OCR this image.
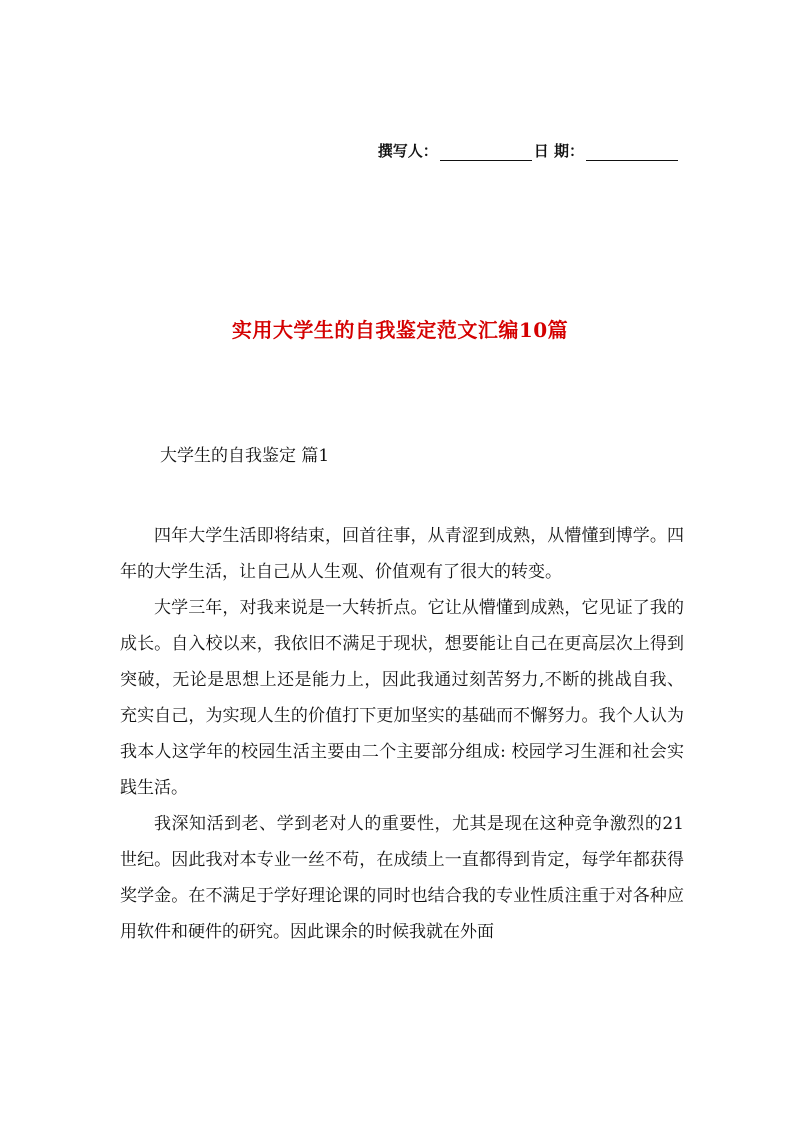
撰写人：	日 期：
实用大学生的自我鉴定范文汇编10篇
大学生的自我鉴定 篇1

四年大学生活即将结束，回首往事，从青涩到成熟，从懵懂到博学。四年的大学生活，让自己从人生观、价值观有了很大的转变。

大学三年，对我来说是一大转折点。它让从懵懂到成熟，它见证了我的成长。自入校以来，我依旧不满足于现状，想要能让自己在更高层次上得到突破，无论是思想上还是能力上，因此我通过刻苦努力,不断的挑战自我、充实自己，为实现人生的价值打下更加坚实的基础而不懈努力。我个人认为我本人这学年的校园生活主要由二个主要部分组成: 校园学习生涯和社会实践生活。

我深知活到老、学到老对人的重要性，尤其是现在这种竞争激烈的21世纪。因此我对本专业一丝不苟，在成绩上一直都得到肯定，每学年都获得奖学金。在不满足于学好理论课的同时也结合我的专业性质注重于对各种应用软件和硬件的研究。因此课余的时候我就在外面
